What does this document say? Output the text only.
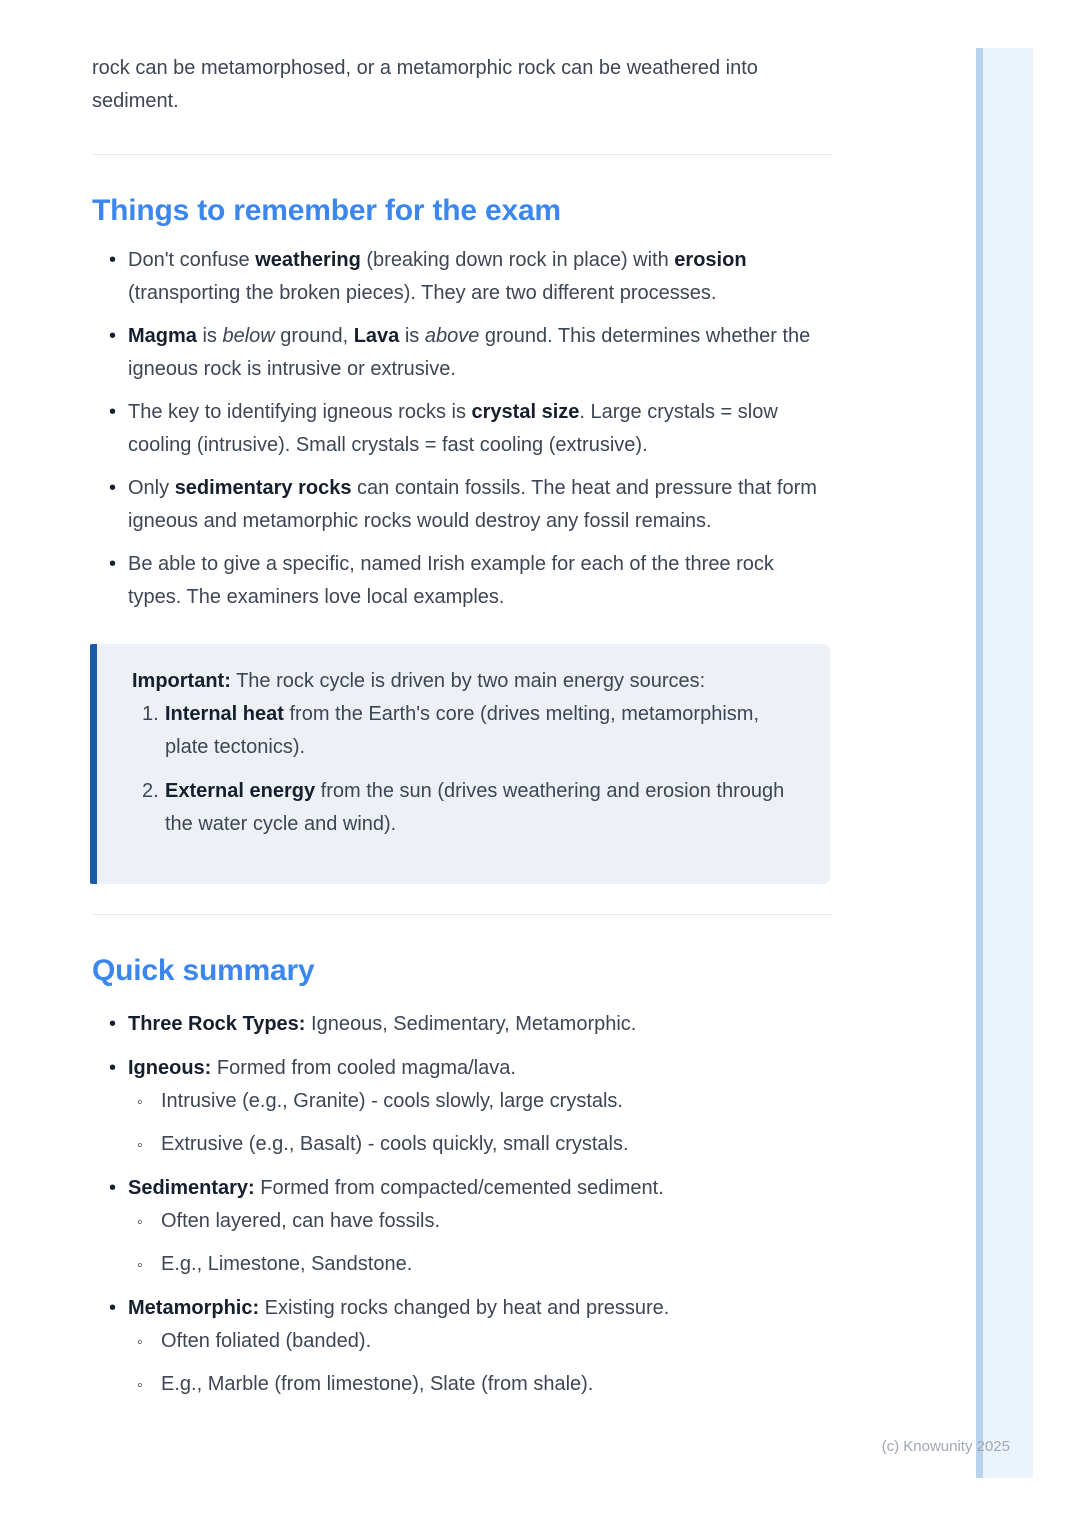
rock can be metamorphosed, or a metamorphic rock can be weathered into sediment.

Things to remember for the exam
• Don't confuse weathering (breaking down rock in place) with erosion (transporting the broken pieces). They are two different processes.
• Magma is below ground, Lava is above ground. This determines whether the igneous rock is intrusive or extrusive.
• The key to identifying igneous rocks is crystal size. Large crystals = slow cooling (intrusive). Small crystals = fast cooling (extrusive).
• Only sedimentary rocks can contain fossils. The heat and pressure that form igneous and metamorphic rocks would destroy any fossil remains.
• Be able to give a specific, named Irish example for each of the three rock types. The examiners love local examples.

Important: The rock cycle is driven by two main energy sources:

1. Internal heat from the Earth's core (drives melting, metamorphism, plate tectonics).
2. External energy from the sun (drives weathering and erosion through the water cycle and wind).
Quick summary
• Three Rock Types: Igneous, Sedimentary, Metamorphic.
• Igneous: Formed from cooled magma/lava.
◦ Intrusive (e.g., Granite) - cools slowly, large crystals.
◦ Extrusive (e.g., Basalt) - cools quickly, small crystals.
• Sedimentary: Formed from compacted/cemented sediment.
◦ Often layered, can have fossils.
◦ E.g., Limestone, Sandstone.
• Metamorphic: Existing rocks changed by heat and pressure.
◦ Often foliated (banded).
◦ E.g., Marble (from limestone), Slate (from shale).
(c) Knowunity 2025
